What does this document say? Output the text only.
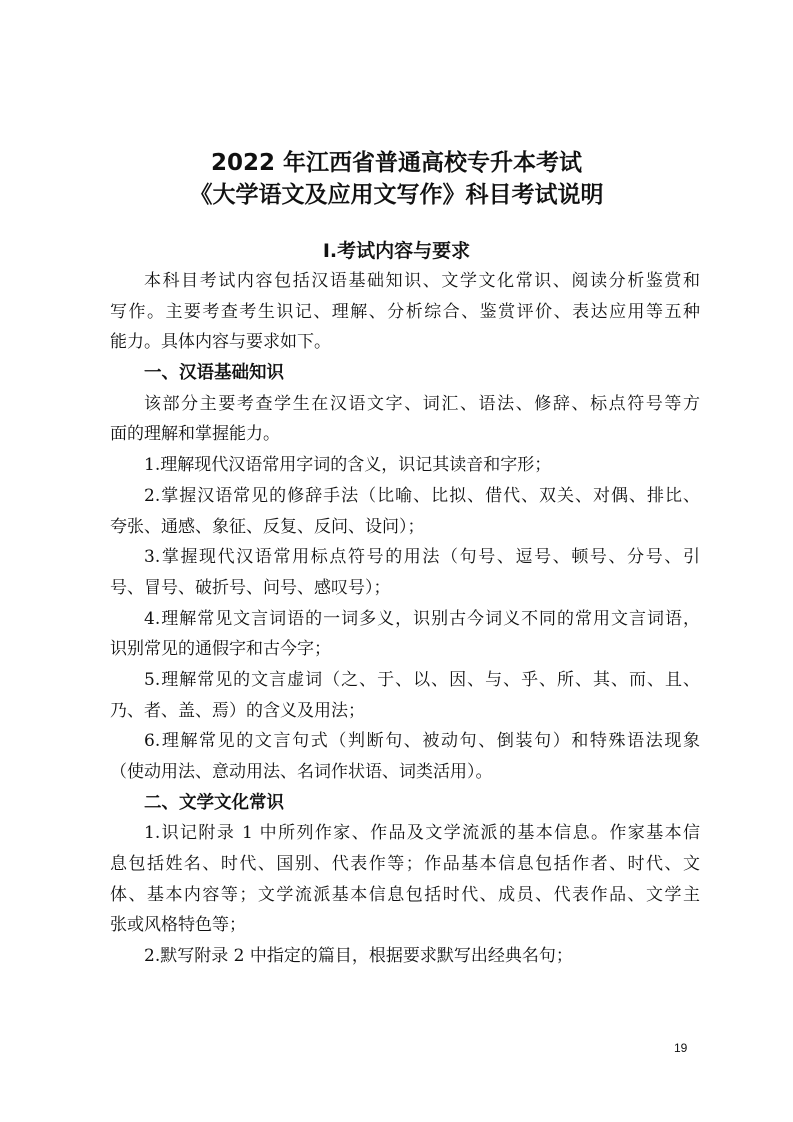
2022 年江西省普通高校专升本考试
《大学语文及应用文写作》科目考试说明
Ⅰ.考试内容与要求
本科目考试内容包括汉语基础知识、文学文化常识、阅读分析鉴赏和
写作。主要考查考生识记、理解、分析综合、鉴赏评价、表达应用等五种
能力。具体内容与要求如下。
一、汉语基础知识
该部分主要考查学生在汉语文字、词汇、语法、修辞、标点符号等方
面的理解和掌握能力。
1.理解现代汉语常用字词的含义，识记其读音和字形；
2.掌握汉语常见的修辞手法（比喻、比拟、借代、双关、对偶、排比、
夸张、通感、象征、反复、反问、设问）；
3.掌握现代汉语常用标点符号的用法（句号、逗号、顿号、分号、引
号、冒号、破折号、问号、感叹号）；
4.理解常见文言词语的一词多义，识别古今词义不同的常用文言词语，
识别常见的通假字和古今字；
5.理解常见的文言虚词（之、于、以、因、与、乎、所、其、而、且、
乃、者、盖、焉）的含义及用法；
6.理解常见的文言句式（判断句、被动句、倒装句）和特殊语法现象
（使动用法、意动用法、名词作状语、词类活用）。
二、文学文化常识
1.识记附录 1 中所列作家、作品及文学流派的基本信息。作家基本信
息包括姓名、时代、国别、代表作等；作品基本信息包括作者、时代、文
体、基本内容等；文学流派基本信息包括时代、成员、代表作品、文学主
张或风格特色等；
2.默写附录 2 中指定的篇目，根据要求默写出经典名句；
19
